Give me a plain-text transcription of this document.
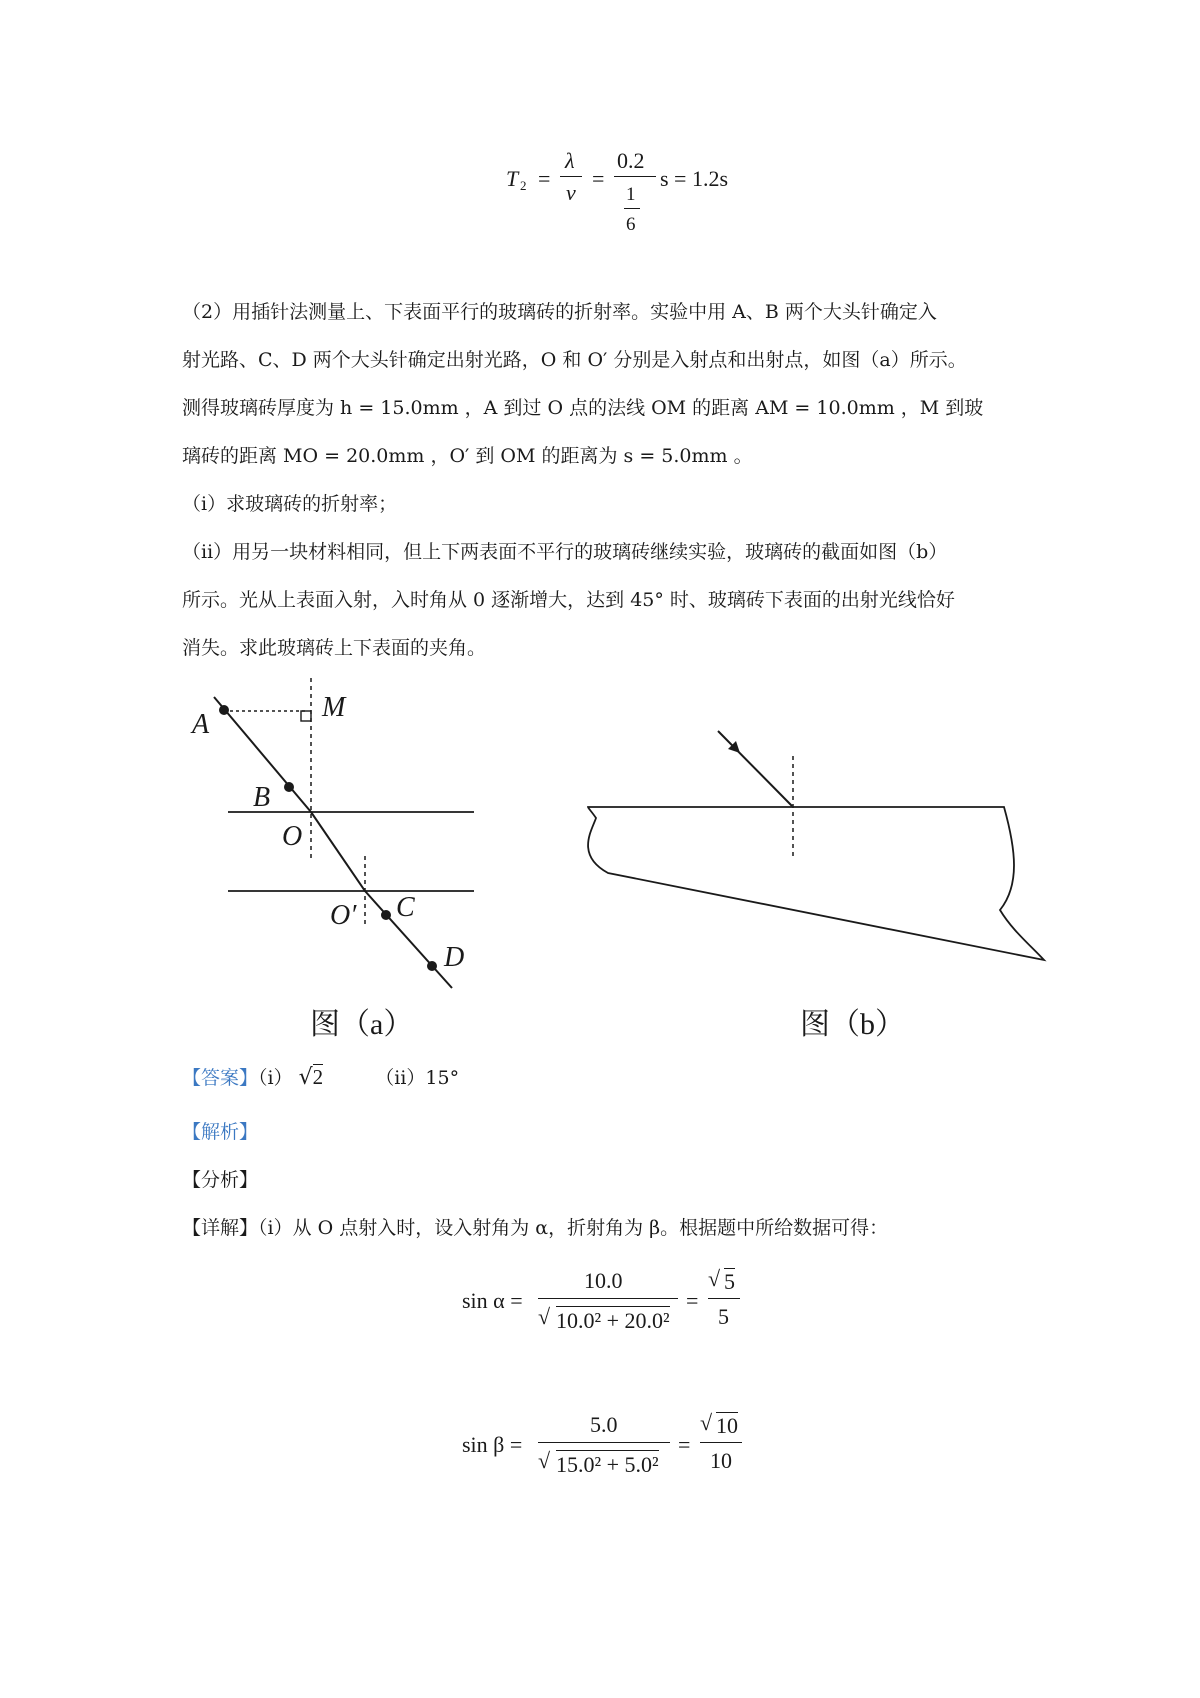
T 2 =
λ
v
=
0.2
1
6
s = 1.2s
（2）用插针法测量上、下表面平行的玻璃砖的折射率。实验中用 A、B 两个大头针确定入
射光路、C、D 两个大头针确定出射光路，O 和 O′ 分别是入射点和出射点，如图（a）所示。
测得玻璃砖厚度为 h = 15.0mm ，A 到过 O 点的法线 OM 的距离 AM = 10.0mm ，M 到玻
璃砖的距离 MO = 20.0mm ，O′ 到 OM 的距离为 s = 5.0mm 。
（ⅰ）求玻璃砖的折射率；
（ⅱ）用另一块材料相同，但上下两表面不平行的玻璃砖继续实验，玻璃砖的截面如图（b）
所示。光从上表面入射，入时角从 0 逐渐增大，达到 45° 时、玻璃砖下表面的出射光线恰好
消失。求此玻璃砖上下表面的夹角。
A
M
B
O
O′ C
D
图（a）	图（b）
【答案】（ⅰ） √2	（ⅱ）15°
【解析】
【分析】
【详解】（ⅰ）从 O 点射入时，设入射角为 α，折射角为 β。根据题中所给数据可得：
sin α =
10.0
√ 10.0² + 20.0²
=
√ 5
5
sin β =
5.0
√ 15.0² + 5.0²
=
√ 10
10
